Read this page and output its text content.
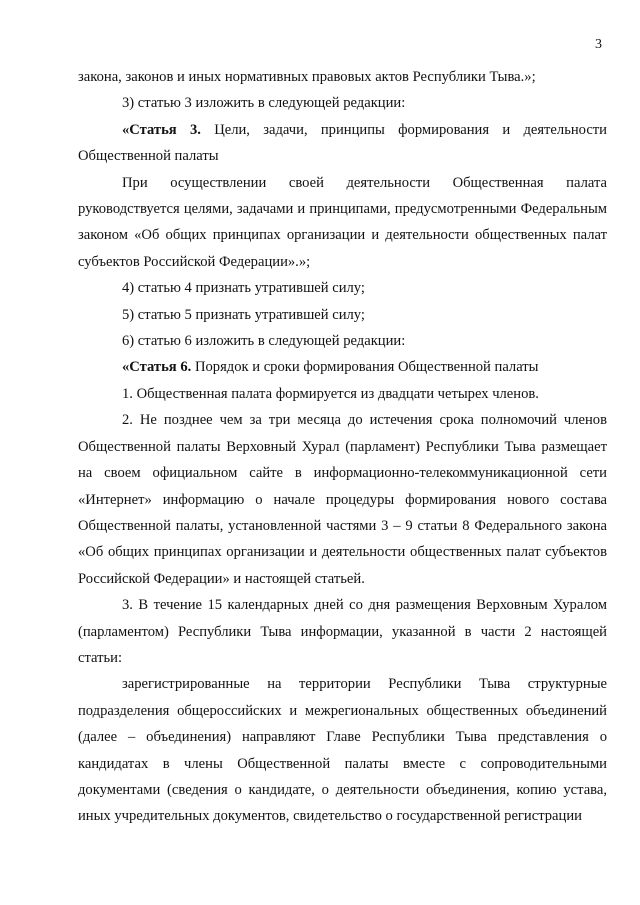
3

закона, законов и иных нормативных правовых актов Республики Тыва.»;

3) статью 3 изложить в следующей редакции:

«Статья 3. Цели, задачи, принципы формирования и деятельности Общественной палаты

При осуществлении своей деятельности Общественная палата руководствуется целями, задачами и принципами, предусмотренными Федеральным законом «Об общих принципах организации и деятельности общественных палат субъектов Российской Федерации».»;

4) статью 4 признать утратившей силу;

5) статью 5 признать утратившей силу;

6) статью 6 изложить в следующей редакции:

«Статья 6. Порядок и сроки формирования Общественной палаты

1. Общественная палата формируется из двадцати четырех членов.

2. Не позднее чем за три месяца до истечения срока полномочий членов Общественной палаты Верховный Хурал (парламент) Республики Тыва размещает на своем официальном сайте в информационно-телекоммуникационной сети «Интернет» информацию о начале процедуры формирования нового состава Общественной палаты, установленной частями 3 – 9 статьи 8 Федерального закона «Об общих принципах организации и деятельности общественных палат субъектов Российской Федерации» и настоящей статьей.

3. В течение 15 календарных дней со дня размещения Верховным Хуралом (парламентом) Республики Тыва информации, указанной в части 2 настоящей статьи:

зарегистрированные на территории Республики Тыва структурные подразделения общероссийских и межрегиональных общественных объединений (далее – объединения) направляют Главе Республики Тыва представления о кандидатах в члены Общественной палаты вместе с сопроводительными документами (сведения о кандидате, о деятельности объединения, копию устава, иных учредительных документов, свидетельство о государственной регистрации
